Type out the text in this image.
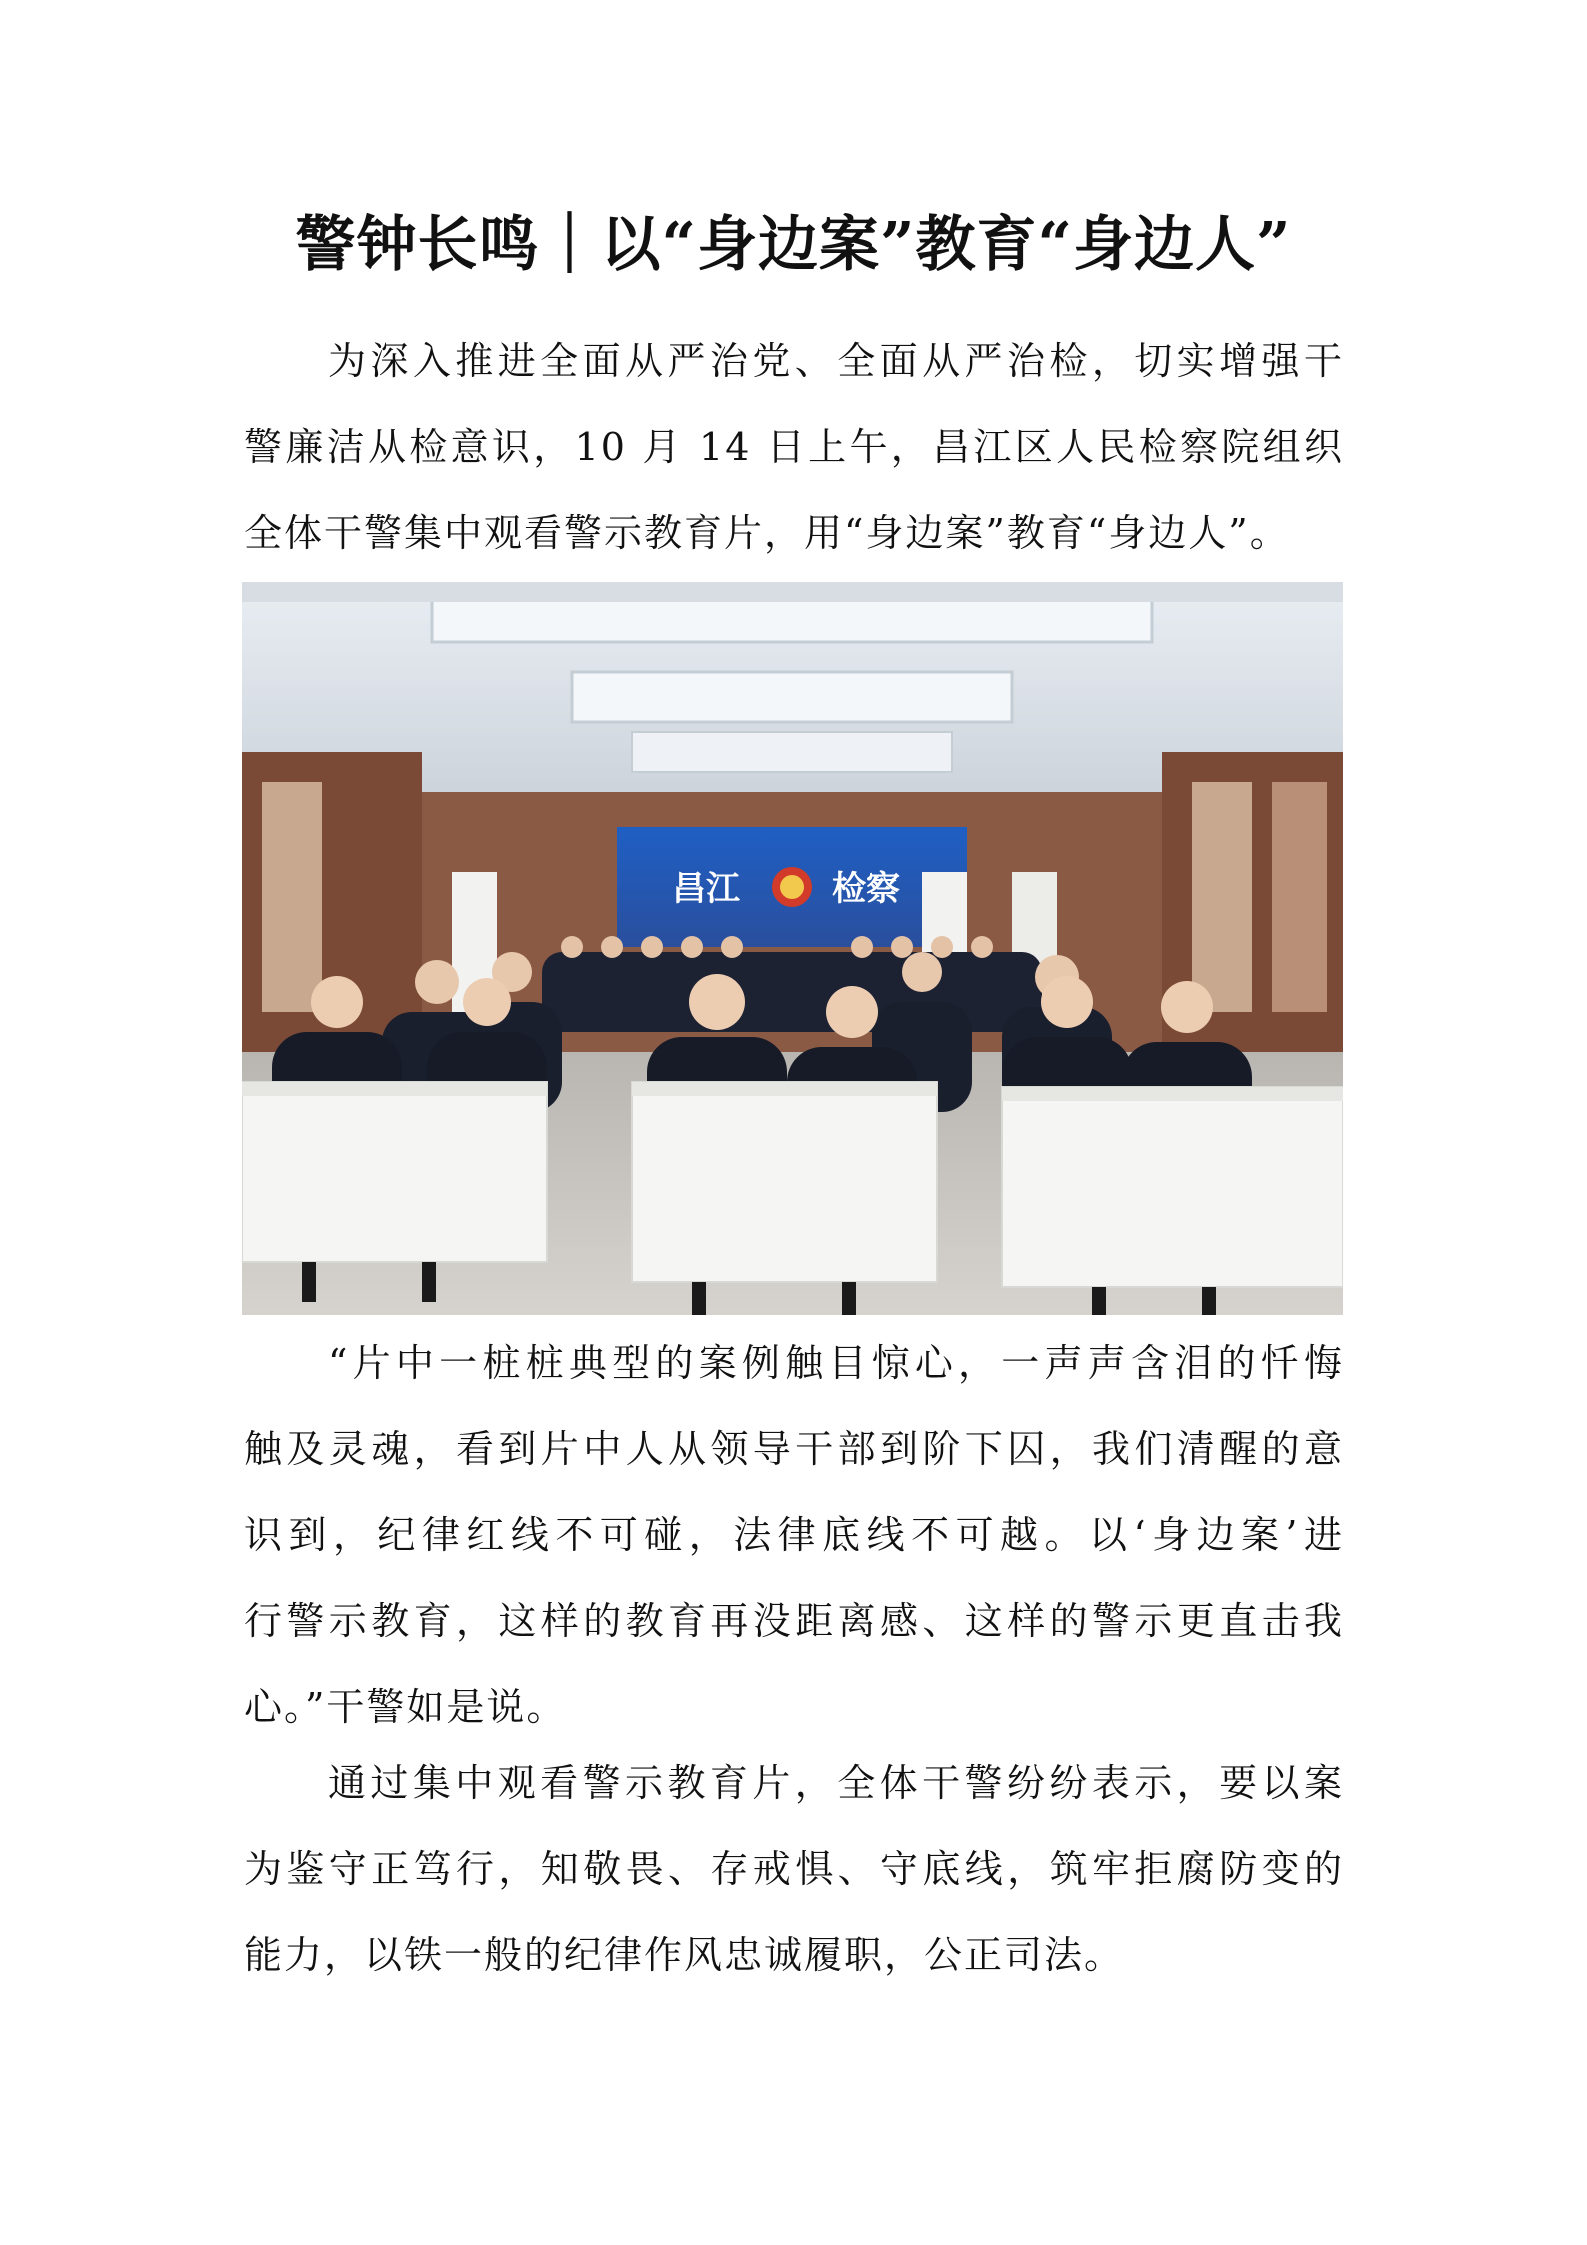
警钟长鸣｜以“身边案”教育“身边人”
为深入推进全面从严治党、全面从严治检，切实增强干
警廉洁从检意识，10 月 14 日上午，昌江区人民检察院组织
全体干警集中观看警示教育片，用“身边案”教育“身边人”。
昌江	检察
“片中一桩桩典型的案例触目惊心，一声声含泪的忏悔
触及灵魂，看到片中人从领导干部到阶下囚，我们清醒的意
识到，纪律红线不可碰，法律底线不可越。以‘身边案’进
行警示教育，这样的教育再没距离感、这样的警示更直击我
心。”干警如是说。
通过集中观看警示教育片，全体干警纷纷表示，要以案
为鉴守正笃行，知敬畏、存戒惧、守底线，筑牢拒腐防变的
能力，以铁一般的纪律作风忠诚履职，公正司法。
